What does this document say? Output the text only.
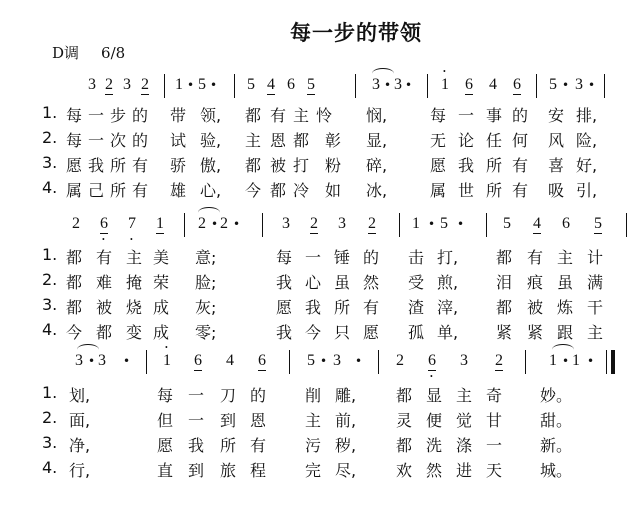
每一步的带领
D调 6/8
3 2 3 2 1 • 5 • 5 4 6 5	3 • 3 • • 1 6 4 6 5 • 3 •
1. 每 一 步 的 带 领, 都 有 主 怜 悯,	每 一 事 的 安 排,
2. 每 一 次 的 试 验, 主 恩 都 彰 显,	无 论 任 何 风 险,
3. 愿 我 所 有 骄 傲, 都 被 打 粉 碎,	愿 我 所 有 喜 好,
4. 属 己 所 有 雄 心, 今 都 冷 如 冰,	属 世 所 有 吸 引,
2 • 6 • 7 1 2 • 2 •	3 2 3 2 1 • 5 • 5 4 6 5
1. 都 有 主 美 意;	每 一 锤 的 击 打, 都 有 主 计
2. 都 难 掩 荣 脸;	我 心 虽 然 受 煎, 泪 痕 虽 满
3. 都 被 烧 成 灰;	愿 我 所 有 渣 滓, 都 被 炼 干
4. 今 都 变 成 零;	我 今 只 愿 孤 单, 紧 紧 跟 主
3 • 3 • • 1 6 4 6	5 • 3 • 2 • 6 3 2	1 • 1 •
1. 划,	每 一 刀 的 削 雕, 都 显 主 奇 妙。
2. 面,	但 一 到 恩 主 前, 灵 便 觉 甘 甜。
3. 净,	愿 我 所 有 污 秽, 都 洗 涤 一 新。
4. 行,	直 到 旅 程 完 尽, 欢 然 进 天 城。
